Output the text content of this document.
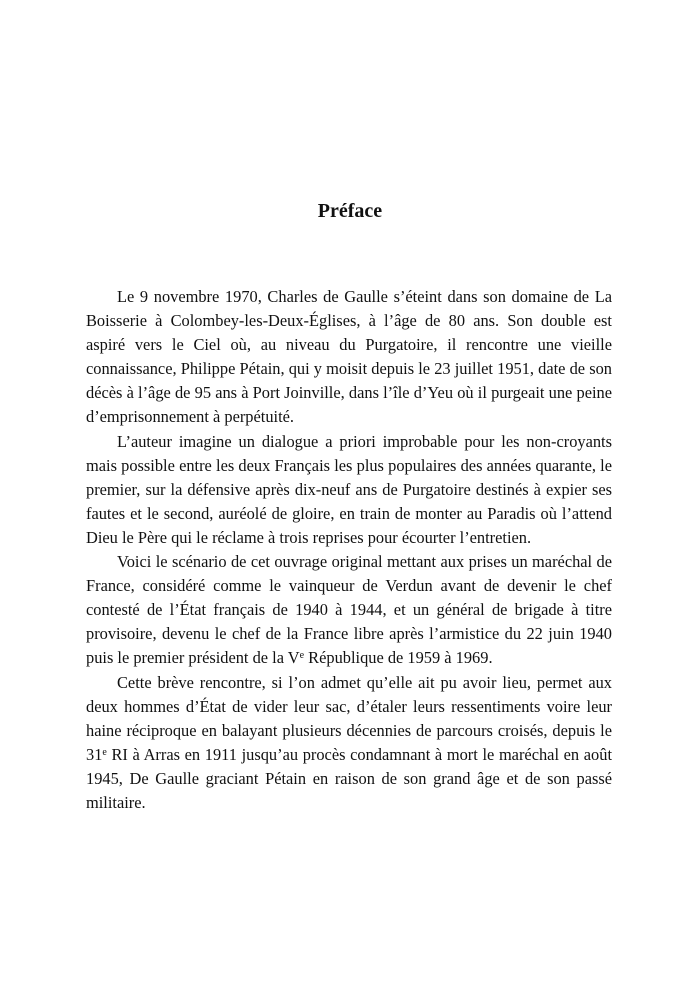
Préface

Le 9 novembre 1970, Charles de Gaulle s’éteint dans son domaine de La Boisserie à Colombey-les-Deux-Églises, à l’âge de 80 ans. Son double est aspiré vers le Ciel où, au niveau du Purgatoire, il rencontre une vieille connaissance, Philippe Pétain, qui y moisit depuis le 23 juillet 1951, date de son décès à l’âge de 95 ans à Port Joinville, dans l’île d’Yeu où il purgeait une peine d’emprisonnement à perpétuité.

L’auteur imagine un dialogue a priori improbable pour les non-croyants mais possible entre les deux Français les plus populaires des années quarante, le premier, sur la défensive après dix-neuf ans de Purgatoire destinés à expier ses fautes et le second, auréolé de gloire, en train de monter au Paradis où l’attend Dieu le Père qui le réclame à trois reprises pour écourter l’entretien.

Voici le scénario de cet ouvrage original mettant aux prises un maréchal de France, considéré comme le vainqueur de Verdun avant de devenir le chef contesté de l’État français de 1940 à 1944, et un général de brigade à titre provisoire, devenu le chef de la France libre après l’armistice du 22 juin 1940 puis le premier président de la Ve République de 1959 à 1969.

Cette brève rencontre, si l’on admet qu’elle ait pu avoir lieu, permet aux deux hommes d’État de vider leur sac, d’étaler leurs ressentiments voire leur haine réciproque en balayant plusieurs décennies de parcours croisés, depuis le 31e RI à Arras en 1911 jusqu’au procès condamnant à mort le maréchal en août 1945, De Gaulle graciant Pétain en raison de son grand âge et de son passé militaire.
